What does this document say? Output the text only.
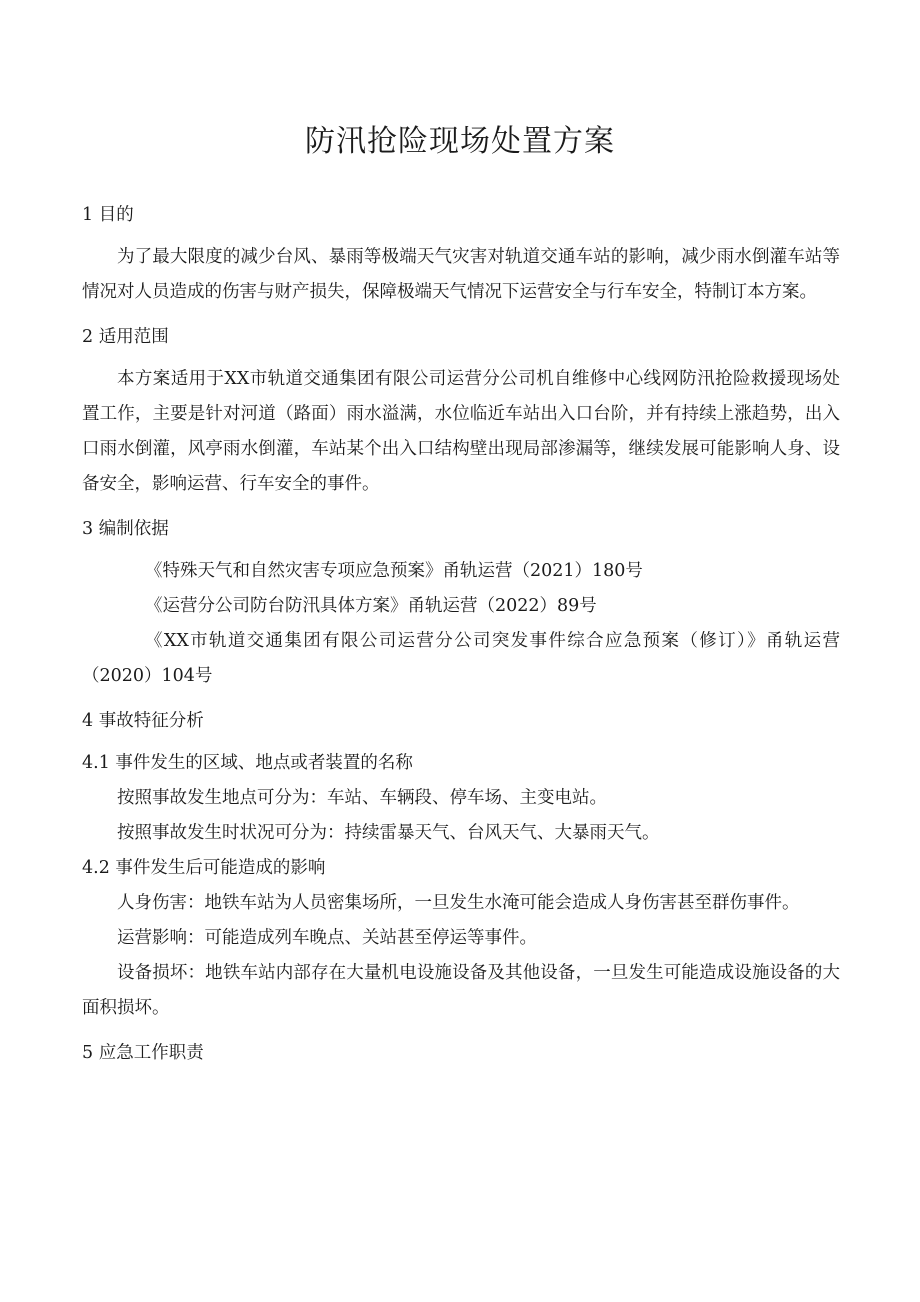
防汛抢险现场处置方案

1 目的

为了最大限度的减少台风、暴雨等极端天气灾害对轨道交通车站的影响，减少雨水倒灌车站等情况对人员造成的伤害与财产损失，保障极端天气情况下运营安全与行车安全，特制订本方案。

2 适用范围

本方案适用于XX市轨道交通集团有限公司运营分公司机自维修中心线网防汛抢险救援现场处置工作，主要是针对河道（路面）雨水溢满，水位临近车站出入口台阶，并有持续上涨趋势，出入口雨水倒灌，风亭雨水倒灌，车站某个出入口结构壁出现局部渗漏等，继续发展可能影响人身、设备安全，影响运营、行车安全的事件。

3 编制依据

《特殊天气和自然灾害专项应急预案》甬轨运营（2021）180号

《运营分公司防台防汛具体方案》甬轨运营（2022）89号

《XX市轨道交通集团有限公司运营分公司突发事件综合应急预案（修订）》甬轨运营（2020）104号

4 事故特征分析

4.1 事件发生的区域、地点或者装置的名称

按照事故发生地点可分为：车站、车辆段、停车场、主变电站。

按照事故发生时状况可分为：持续雷暴天气、台风天气、大暴雨天气。

4.2 事件发生后可能造成的影响

人身伤害：地铁车站为人员密集场所，一旦发生水淹可能会造成人身伤害甚至群伤事件。

运营影响：可能造成列车晚点、关站甚至停运等事件。

设备损坏：地铁车站内部存在大量机电设施设备及其他设备，一旦发生可能造成设施设备的大面积损坏。

5 应急工作职责
